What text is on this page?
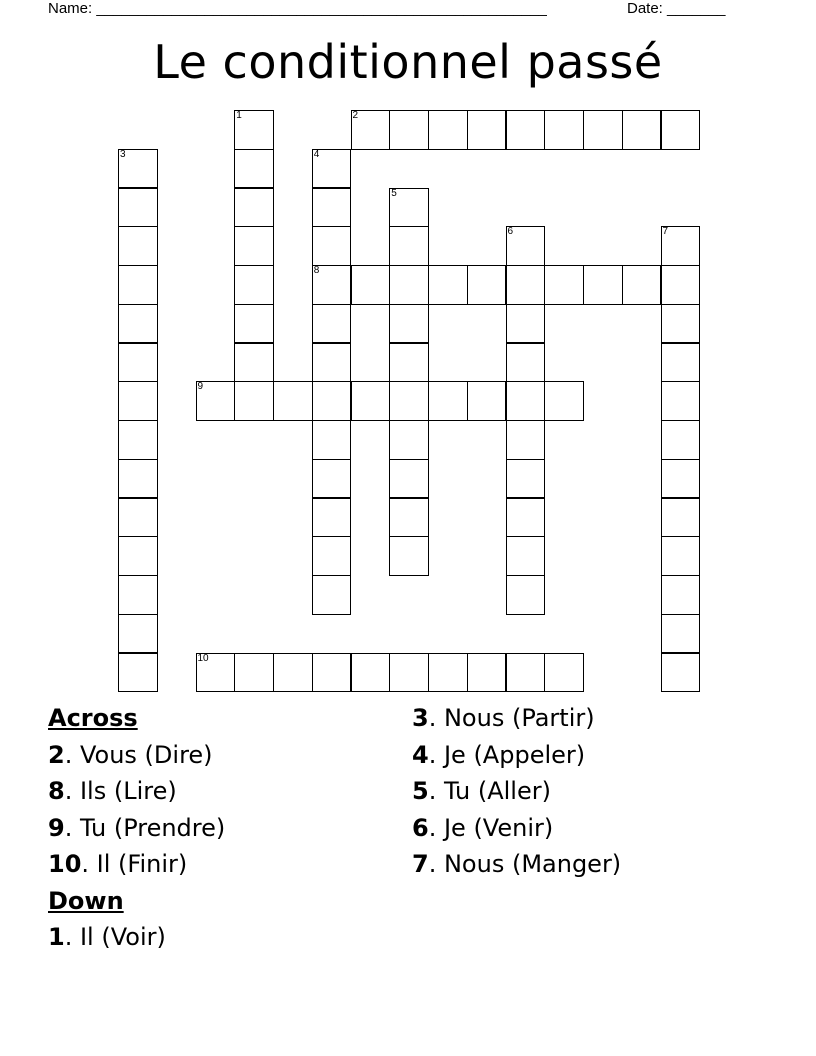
Name: ______________________________________________________	Date: _______
Le conditionnel passé
1	2
3	4
8
5
6	7
9
10
Across
2. Vous (Dire)
8. Ils (Lire)
9. Tu (Prendre)
10. Il (Finir)
Down
1. Il (Voir)
3. Nous (Partir)
4. Je (Appeler)
5. Tu (Aller)
6. Je (Venir)
7. Nous (Manger)
